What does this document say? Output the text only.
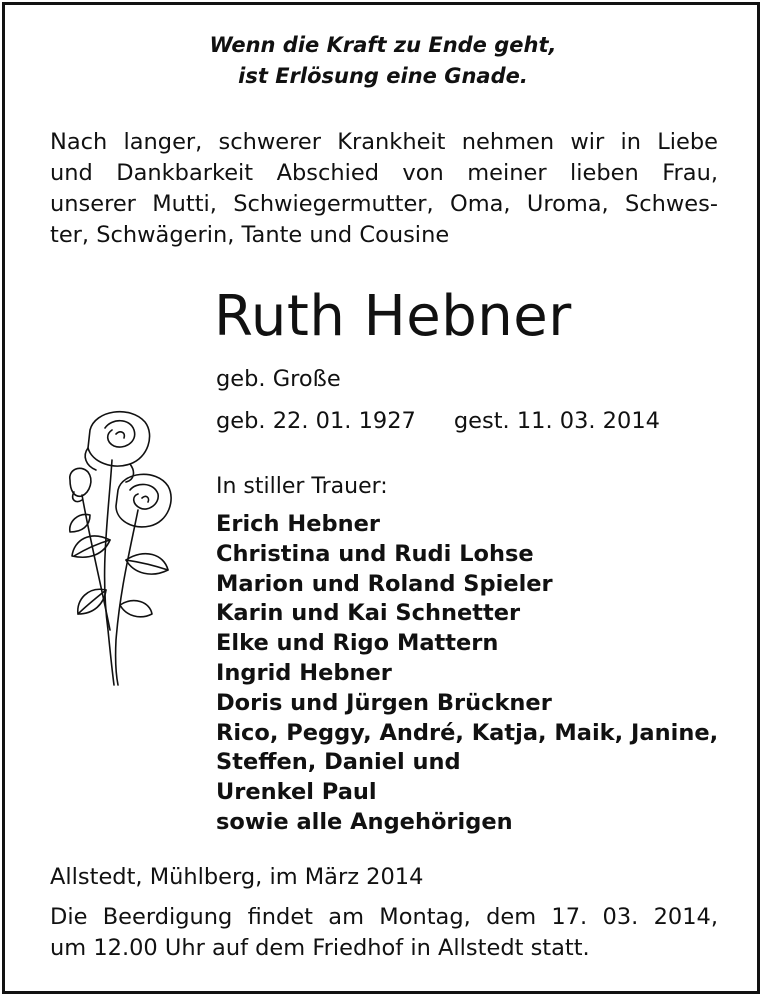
Wenn die Kraft zu Ende geht,
ist Erlösung eine Gnade.
Nach langer, schwerer Krankheit nehmen wir in Liebe
und Dankbarkeit Abschied von meiner lieben Frau,
unserer Mutti, Schwiegermutter, Oma, Uroma, Schwes-
ter, Schwägerin, Tante und Cousine
Ruth Hebner
geb. Große
geb. 22. 01. 1927 gest. 11. 03. 2014
In stiller Trauer:
Erich Hebner
Christina und Rudi Lohse
Marion und Roland Spieler
Karin und Kai Schnetter
Elke und Rigo Mattern
Ingrid Hebner
Doris und Jürgen Brückner
Rico, Peggy, André, Katja, Maik, Janine,
Steffen, Daniel und
Urenkel Paul
sowie alle Angehörigen
Allstedt, Mühlberg, im März 2014
Die Beerdigung findet am Montag, dem 17. 03. 2014,
um 12.00 Uhr auf dem Friedhof in Allstedt statt.
